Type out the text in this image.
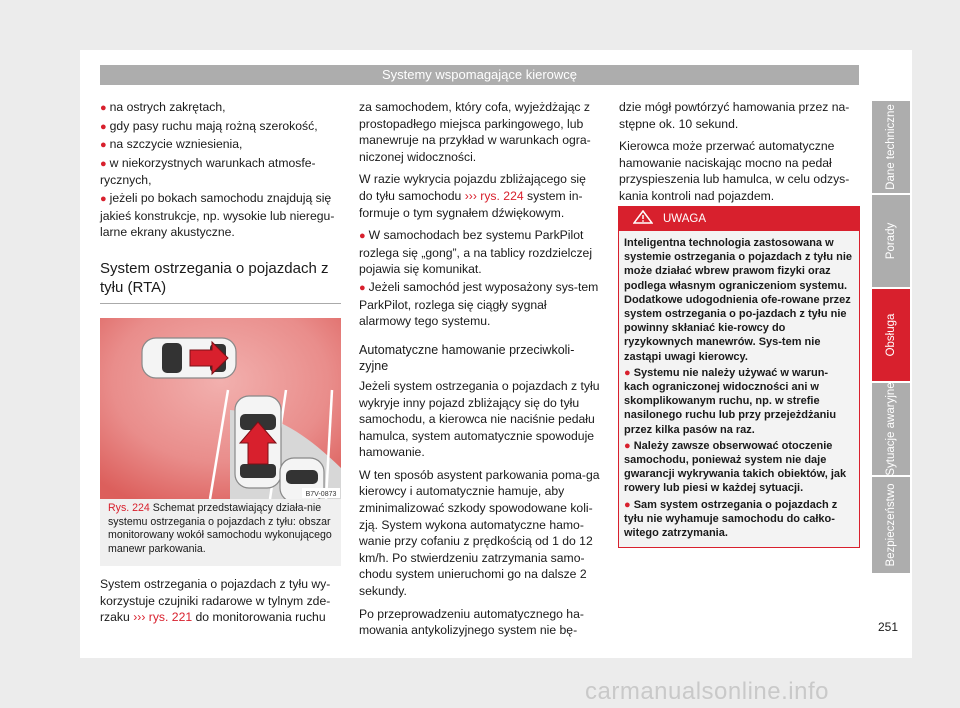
Systemy wspomagające kierowcę
● na ostrych zakrętach,
● gdy pasy ruchu mają rożną szerokość,
● na szczycie wzniesienia,
● w niekorzystnych warunkach atmosfe-rycznych,
● jeżeli po bokach samochodu znajdują się jakieś konstrukcje, np. wysokie lub nieregu-larne ekrany akustyczne.
System ostrzegania o pojazdach z tyłu (RTA)
B7V-0873
Rys. 224 Schemat przedstawiający działa-nie systemu ostrzegania o pojazdach z tyłu: obszar monitorowany wokół samochodu wykonującego manewr parkowania.

System ostrzegania o pojazdach z tyłu wy-korzystuje czujniki radarowe w tylnym zde-rzaku ››› rys. 221 do monitorowania ruchu

za samochodem, który cofa, wyjeżdżając z prostopadłego miejsca parkingowego, lub manewruje na przykład w warunkach ogra-niczonej widoczności.

W razie wykrycia pojazdu zbliżającego się do tyłu samochodu ››› rys. 224 system in-formuje o tym sygnałem dźwiękowym.

● W samochodach bez systemu ParkPilot rozlega się „gong”, a na tablicy rozdzielczej pojawia się komunikat.
● Jeżeli samochód jest wyposażony sys-tem ParkPilot, rozlega się ciągły sygnał alarmowy tego systemu.
Automatyczne hamowanie przeciwkoli-zyjne

Jeżeli system ostrzegania o pojazdach z tyłu wykryje inny pojazd zbliżający się do tyłu samochodu, a kierowca nie naciśnie pedału hamulca, system automatycznie spowoduje hamowanie.

W ten sposób asystent parkowania poma-ga kierowcy i automatycznie hamuje, aby zminimalizować szkody spowodowane koli-zją. System wykona automatyczne hamo-wanie przy cofaniu z prędkością od 1 do 12 km/h. Po stwierdzeniu zatrzymania samo-chodu system unieruchomi go na dalsze 2 sekundy.

Po przeprowadzeniu automatycznego ha-mowania antykolizyjnego system nie bę-

dzie mógł powtórzyć hamowania przez na-stępne ok. 10 sekund.

Kierowca może przerwać automatyczne hamowanie naciskając mocno na pedał przyspieszenia lub hamulca, w celu odzys-kania kontroli nad pojazdem.

UWAGA

Inteligentna technologia zastosowana w systemie ostrzegania o pojazdach z tyłu nie może działać wbrew prawom fizyki oraz podlega własnym ograniczeniom systemu. Dodatkowe udogodnienia ofe-rowane przez system ostrzegania o po-jazdach z tyłu nie powinny skłaniać kie-rowcy do ryzykownych manewrów. Sys-tem nie zastąpi uwagi kierowcy.

● Systemu nie należy używać w warun-kach ograniczonej widoczności ani w skomplikowanym ruchu, np. w strefie nasilonego ruchu lub przy przejeżdżaniu przez kilka pasów na raz.

● Należy zawsze obserwować otoczenie samochodu, ponieważ system nie daje gwarancji wykrywania takich obiektów, jak rowery lub piesi w każdej sytuacji.

● Sam system ostrzegania o pojazdach z tyłu nie wyhamuje samochodu do całko-witego zatrzymania.

Dane techniczne
Porady
Obsługa
Sytuacje awaryjne
Bezpieczeństwo
251
carmanualsonline.info
